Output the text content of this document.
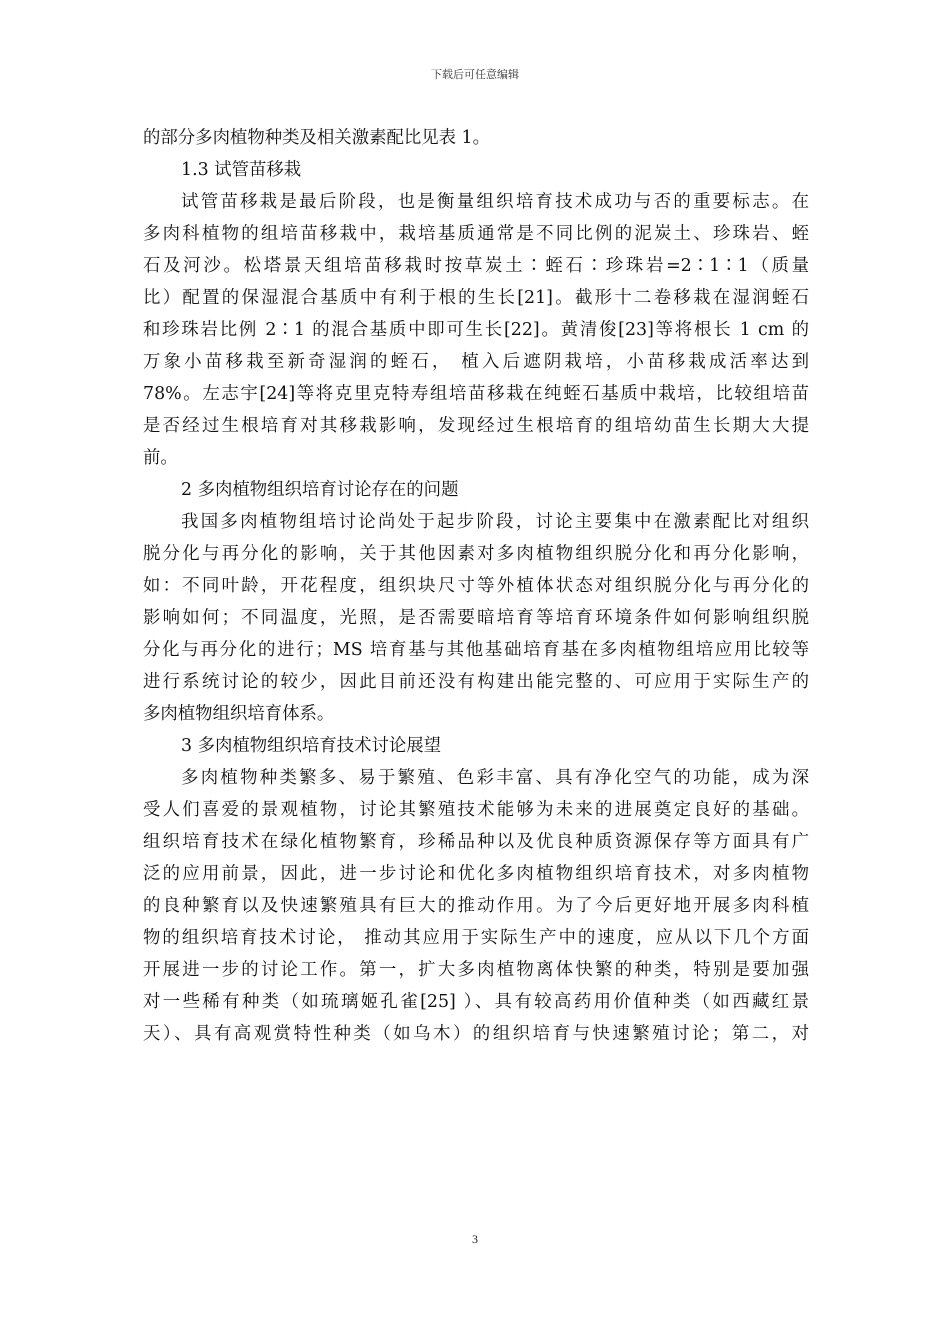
下载后可任意编辑
的部分多肉植物种类及相关激素配比见表 1。
1.3 试管苗移栽
试管苗移栽是最后阶段，也是衡量组织培育技术成功与否的重要标志。在
多肉科植物的组培苗移栽中，栽培基质通常是不同比例的泥炭土、珍珠岩、蛭
石及河沙。松塔景天组培苗移栽时按草炭土∶蛭石∶珍珠岩=2∶1∶1（质量
比）配置的保湿混合基质中有利于根的生长[21]。截形十二卷移栽在湿润蛭石
和珍珠岩比例 2∶1 的混合基质中即可生长[22]。黄清俊[23]等将根长 1 cm 的
万象小苗移栽至新奇湿润的蛭石， 植入后遮阴栽培，小苗移栽成活率达到
78%。左志宇[24]等将克里克特寿组培苗移栽在纯蛭石基质中栽培，比较组培苗
是否经过生根培育对其移栽影响，发现经过生根培育的组培幼苗生长期大大提
前。
2 多肉植物组织培育讨论存在的问题
我国多肉植物组培讨论尚处于起步阶段，讨论主要集中在激素配比对组织
脱分化与再分化的影响，关于其他因素对多肉植物组织脱分化和再分化影响，
如：不同叶龄，开花程度，组织块尺寸等外植体状态对组织脱分化与再分化的
影响如何；不同温度，光照，是否需要暗培育等培育环境条件如何影响组织脱
分化与再分化的进行；MS 培育基与其他基础培育基在多肉植物组培应用比较等
进行系统讨论的较少，因此目前还没有构建出能完整的、可应用于实际生产的
多肉植物组织培育体系。
3 多肉植物组织培育技术讨论展望
多肉植物种类繁多、易于繁殖、色彩丰富、具有净化空气的功能，成为深
受人们喜爱的景观植物，讨论其繁殖技术能够为未来的进展奠定良好的基础。
组织培育技术在绿化植物繁育，珍稀品种以及优良种质资源保存等方面具有广
泛的应用前景，因此，进一步讨论和优化多肉植物组织培育技术，对多肉植物
的良种繁育以及快速繁殖具有巨大的推动作用。为了今后更好地开展多肉科植
物的组织培育技术讨论， 推动其应用于实际生产中的速度，应从以下几个方面
开展进一步的讨论工作。第一，扩大多肉植物离体快繁的种类，特别是要加强
对一些稀有种类（如琉璃姬孔雀[25] ）、具有较高药用价值种类（如西藏红景
天）、具有高观赏特性种类（如乌木）的组织培育与快速繁殖讨论；第二，对
3
